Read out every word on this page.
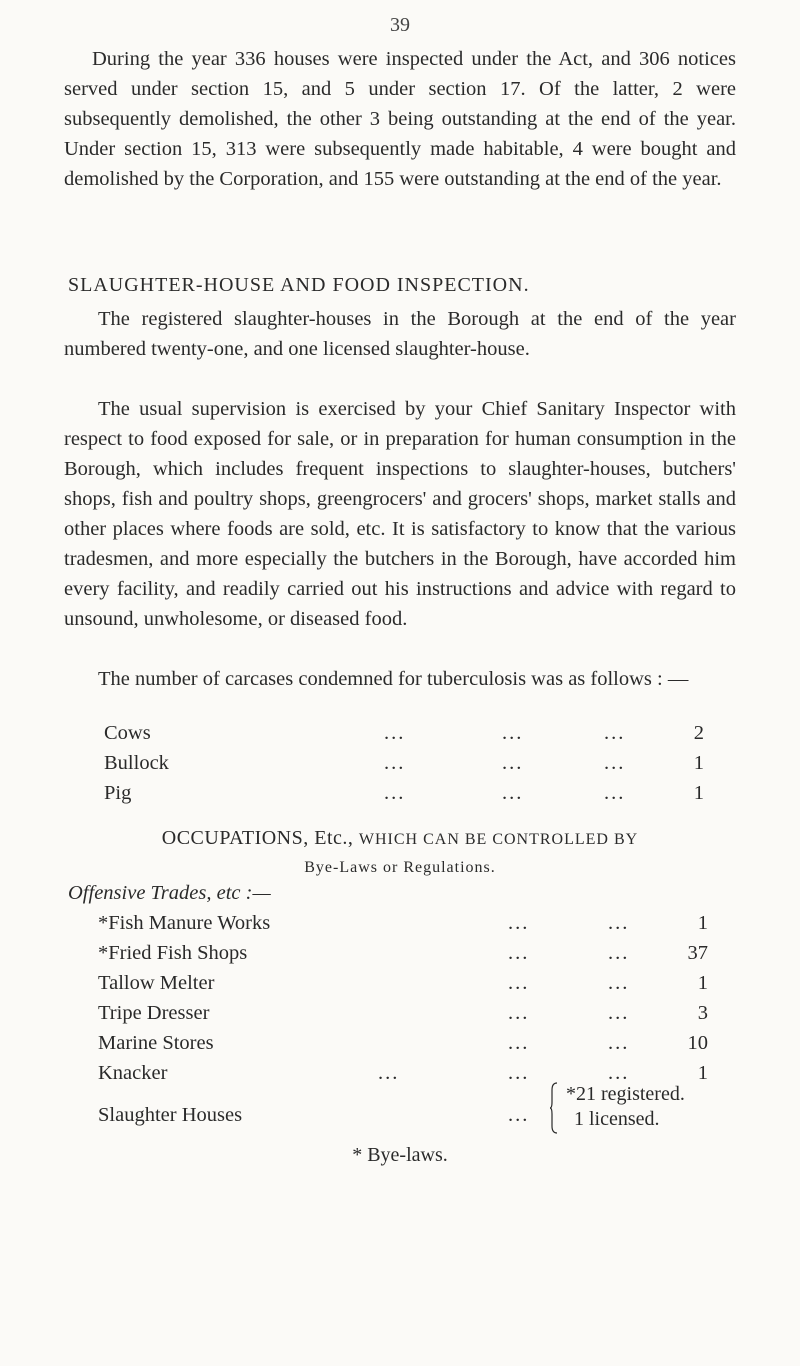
39
During the year 336 houses were inspected under the Act, and 306 notices served under section 15, and 5 under section 17. Of the latter, 2 were subsequently demolished, the other 3 being outstanding at the end of the year. Under section 15, 313 were subsequently made habitable, 4 were bought and demolished by the Corporation, and 155 were outstanding at the end of the year.
SLAUGHTER-HOUSE AND FOOD INSPECTION.
The registered slaughter-houses in the Borough at the end of the year numbered twenty-one, and one licensed slaughter-house.
The usual supervision is exercised by your Chief Sanitary Inspector with respect to food exposed for sale, or in preparation for human consumption in the Borough, which includes frequent inspections to slaughter-houses, butchers' shops, fish and poultry shops, greengrocers' and grocers' shops, market stalls and other places where foods are sold, etc. It is satisfactory to know that the various tradesmen, and more especially the butchers in the Borough, have accorded him every facility, and readily carried out his instructions and advice with regard to unsound, unwholesome, or diseased food.
The number of carcases condemned for tuberculosis was as follows : —
Cows	...	...	...	2
Bullock	...	...	...	1
Pig	...	...	...	1
OCCUPATIONS, Etc., WHICH CAN BE CONTROLLED BY
Bye-Laws or Regulations.
Offensive Trades, etc :—
*Fish Manure Works	...	...	1
*Fried Fish Shops	...	...	37
Tallow Melter	...	...	1
Tripe Dresser	...	...	3
Marine Stores	...	...	10
Knacker	...	...	...	1
Slaughter Houses	...
*21 registered.
1 licensed.
* Bye-laws.
